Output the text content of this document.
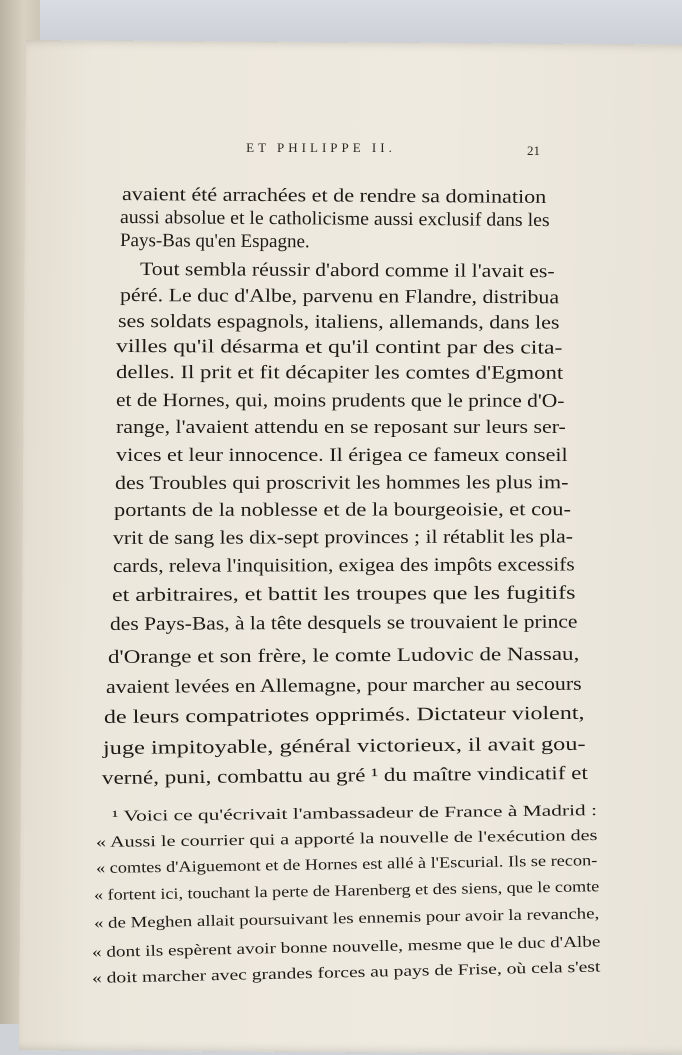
ET PHILIPPE II.	21
avaient été arrachées et de rendre sa domination
aussi absolue et le catholicisme aussi exclusif dans les
Pays-Bas qu'en Espagne.
Tout sembla réussir d'abord comme il l'avait es-
péré. Le duc d'Albe, parvenu en Flandre, distribua
ses soldats espagnols, italiens, allemands, dans les
villes qu'il désarma et qu'il contint par des cita-
delles. Il prit et fit décapiter les comtes d'Egmont
et de Hornes, qui, moins prudents que le prince d'O-
range, l'avaient attendu en se reposant sur leurs ser-
vices et leur innocence. Il érigea ce fameux conseil
des Troubles qui proscrivit les hommes les plus im-
portants de la noblesse et de la bourgeoisie, et cou-
vrit de sang les dix-sept provinces ; il rétablit les pla-
cards, releva l'inquisition, exigea des impôts excessifs
et arbitraires, et battit les troupes que les fugitifs
des Pays-Bas, à la tête desquels se trouvaient le prince
d'Orange et son frère, le comte Ludovic de Nassau,
avaient levées en Allemagne, pour marcher au secours
de leurs compatriotes opprimés. Dictateur violent,
juge impitoyable, général victorieux, il avait gou-
verné, puni, combattu au gré ¹ du maître vindicatif et
¹ Voici ce qu'écrivait l'ambassadeur de France à Madrid :
« Aussi le courrier qui a apporté la nouvelle de l'exécution des
« comtes d'Aiguemont et de Hornes est allé à l'Escurial. Ils se recon-
« fortent ici, touchant la perte de Harenberg et des siens, que le comte
« de Meghen allait poursuivant les ennemis pour avoir la revanche,
« dont ils espèrent avoir bonne nouvelle, mesme que le duc d'Albe
« doit marcher avec grandes forces au pays de Frise, où cela s'est
